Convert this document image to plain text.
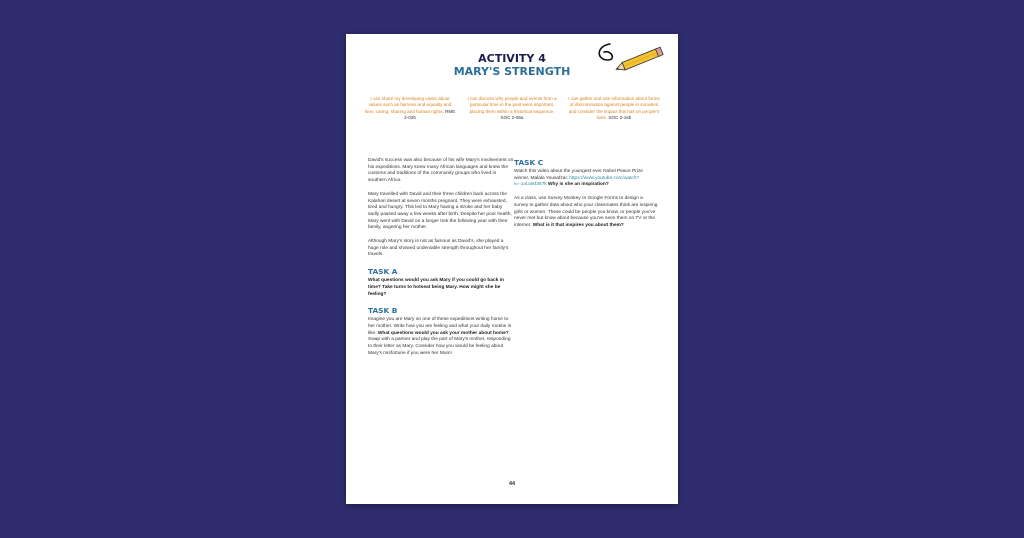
ACTIVITY 4
MARY'S STRENGTH
I can share my developing views about values such as fairness and equality and love, caring, sharing and human rights. RME 2-02b
I can discuss why people and events from a particular time in the past were important, placing them within a historical sequence.
SOC 2-06a
I can gather and use information about forms of discrimination against people in societies and consider the impact this has on people's lives. SOC 2-16b

David's success was also because of his wife Mary's involvement on his expeditions. Mary knew many African languages and knew the customs and traditions of the community groups who lived in southern Africa.

Mary travelled with David and their three children back across the Kalahari desert at seven months pregnant. They were exhausted, tired and hungry. This led to Mary having a stroke and her baby sadly passed away a few weeks after birth. Despite her poor health, Mary went with David on a longer trek the following year with their family, angering her mother.

Although Mary's story is not as famous as David's, she played a huge role and showed undeniable strength throughout her family's travels.

TASK A

What questions would you ask Mary if you could go back in time? Take turns to hotseat being Mary. How might she be feeling?

TASK B

Imagine you are Mary on one of these expeditions writing home to her mother. Write how you are feeling and what your daily routine is like. What questions would you ask your mother about home? Swap with a partner and play the part of Mary's mother, responding to their letter as Mary. Consider how you would be feeling about Mary's misfortune if you were her Mum!

TASK C

Watch this video about the youngest ever Nobel Peace Prize winner, Malala Yousafzai: https://www.youtube.com/watch?v=-1oUaM387k Why is she an inspiration?

As a class, use Survey Monkey or Google Forms to design a survey to gather data about who your classmates think are inspiring girls or women. These could be people you know, or people you've never met but know about because you've seen them on TV or the internet. What is it that inspires you about them?

44
